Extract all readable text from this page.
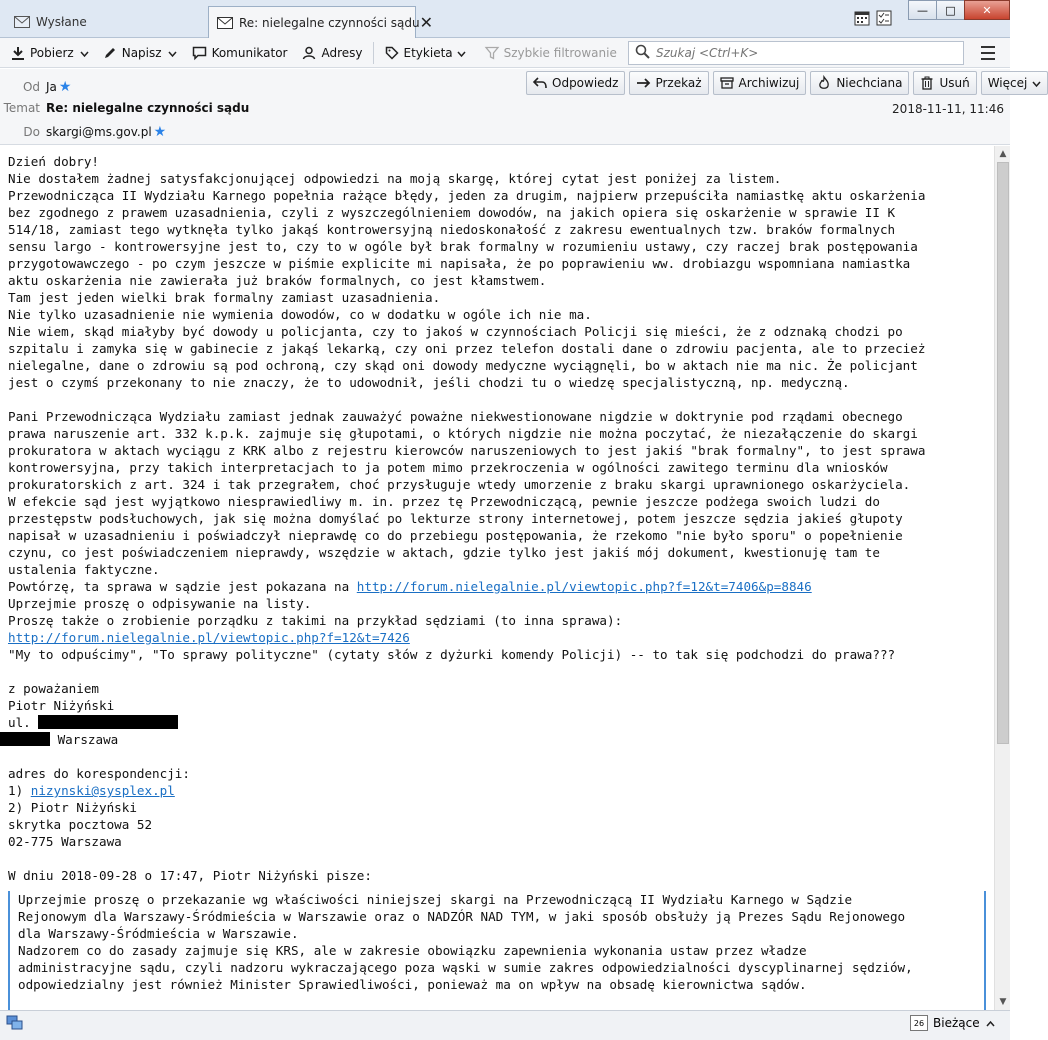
Wysłane	Re: nielegalne czynności sądu ✕
—	□	✕
Pobierz	Napisz	Komunikator	Adresy	Etykieta	Szybkie filtrowanie
Szukaj <Ctrl+K>
Od Ja ★
Temat Re: nielegalne czynności sądu
Do skargi@ms.gov.pl ★
Odpowiedz	Przekaż	Archiwizuj	Niechciana	Usuń Więcej
2018-11-11, 11:46
Dzień dobry!
Nie dostałem żadnej satysfakcjonującej odpowiedzi na moją skargę, której cytat jest poniżej za listem.
Przewodnicząca II Wydziału Karnego popełnia rażące błędy, jeden za drugim, najpierw przepuściła namiastkę aktu oskarżenia
bez zgodnego z prawem uzasadnienia, czyli z wyszczególnieniem dowodów, na jakich opiera się oskarżenie w sprawie II K
514/18, zamiast tego wytknęła tylko jakąś kontrowersyjną niedoskonałość z zakresu ewentualnych tzw. braków formalnych
sensu largo - kontrowersyjne jest to, czy to w ogóle był brak formalny w rozumieniu ustawy, czy raczej brak postępowania
przygotowawczego - po czym jeszcze w piśmie explicite mi napisała, że po poprawieniu ww. drobiazgu wspomniana namiastka
aktu oskarżenia nie zawierała już braków formalnych, co jest kłamstwem.
Tam jest jeden wielki brak formalny zamiast uzasadnienia.
Nie tylko uzasadnienie nie wymienia dowodów, co w dodatku w ogóle ich nie ma.
Nie wiem, skąd miałyby być dowody u policjanta, czy to jakoś w czynnościach Policji się mieści, że z odznaką chodzi po
szpitalu i zamyka się w gabinecie z jakąś lekarką, czy oni przez telefon dostali dane o zdrowiu pacjenta, ale to przecież
nielegalne, dane o zdrowiu są pod ochroną, czy skąd oni dowody medyczne wyciągnęli, bo w aktach nie ma nic. Że policjant
jest o czymś przekonany to nie znaczy, że to udowodnił, jeśli chodzi tu o wiedzę specjalistyczną, np. medyczną.

Pani Przewodnicząca Wydziału zamiast jednak zauważyć poważne niekwestionowane nigdzie w doktrynie pod rządami obecnego
prawa naruszenie art. 332 k.p.k. zajmuje się głupotami, o których nigdzie nie można poczytać, że niezałączenie do skargi
prokuratora w aktach wyciągu z KRK albo z rejestru kierowców naruszeniowych to jest jakiś "brak formalny", to jest sprawa
kontrowersyjna, przy takich interpretacjach to ja potem mimo przekroczenia w ogólności zawitego terminu dla wniosków
prokuratorskich z art. 324 i tak przegrałem, choć przysługuje wtedy umorzenie z braku skargi uprawnionego oskarżyciela.
W efekcie sąd jest wyjątkowo niesprawiedliwy m. in. przez tę Przewodniczącą, pewnie jeszcze podżega swoich ludzi do
przestępstw podsłuchowych, jak się można domyślać po lekturze strony internetowej, potem jeszcze sędzia jakieś głupoty
napisał w uzasadnieniu i poświadczył nieprawdę co do przebiegu postępowania, że rzekomo "nie było sporu" o popełnienie
czynu, co jest poświadczeniem nieprawdy, wszędzie w aktach, gdzie tylko jest jakiś mój dokument, kwestionuję tam te
ustalenia faktyczne.
Powtórzę, ta sprawa w sądzie jest pokazana na http://forum.nielegalnie.pl/viewtopic.php?f=12&t=7406&p=8846
Uprzejmie proszę o odpisywanie na listy.
Proszę także o zrobienie porządku z takimi na przykład sędziami (to inna sprawa):
http://forum.nielegalnie.pl/viewtopic.php?f=12&t=7426
"My to odpuścimy", "To sprawy polityczne" (cytaty słów z dyżurki komendy Policji) -- to tak się podchodzi do prawa???

z poważaniem
Piotr Niżyński
ul.
Warszawa

adres do korespondencji:
1) nizynski@sysplex.pl
2) Piotr Niżyński
skrytka pocztowa 52
02-775 Warszawa

W dniu 2018-09-28 o 17:47, Piotr Niżyński pisze:
Uprzejmie proszę o przekazanie wg właściwości niniejszej skargi na Przewodniczącą II Wydziału Karnego w Sądzie
Rejonowym dla Warszawy-Śródmieścia w Warszawie oraz o NADZÓR NAD TYM, w jaki sposób obsłuży ją Prezes Sądu Rejonowego
dla Warszawy-Śródmieścia w Warszawie.
Nadzorem co do zasady zajmuje się KRS, ale w zakresie obowiązku zapewnienia wykonania ustaw przez władze
administracyjne sądu, czyli nadzoru wykraczającego poza wąski w sumie zakres odpowiedzialności dyscyplinarnej sędziów,
odpowiedzialny jest również Minister Sprawiedliwości, ponieważ ma on wpływ na obsadę kierownictwa sądów.
▲
▼
26 Bieżące
